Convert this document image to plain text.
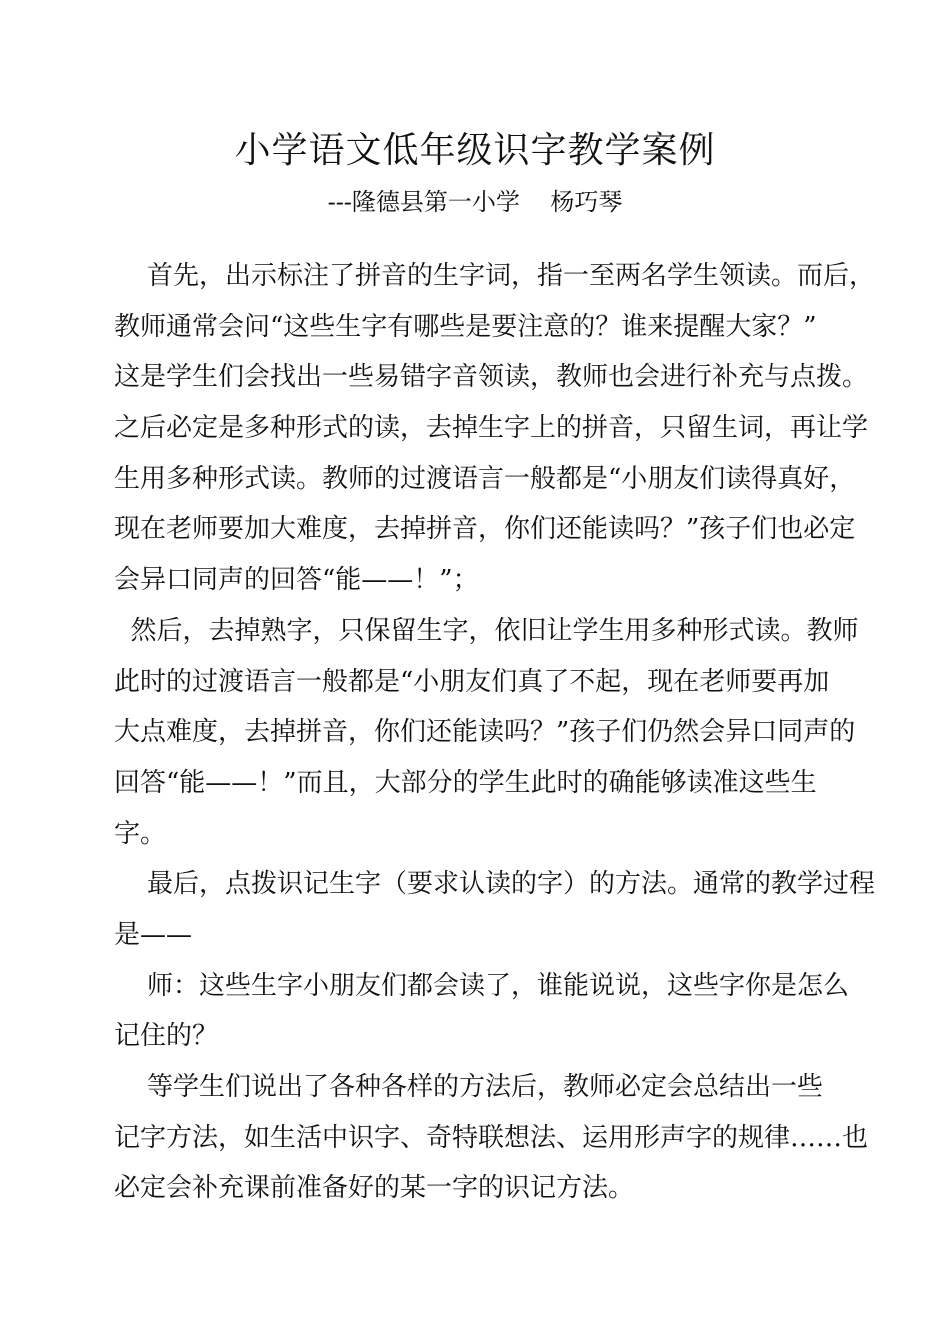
小学语文低年级识字教学案例
---隆德县第一小学    杨巧琴
首先，出示标注了拼音的生字词，指一至两名学生领读。而后，
教师通常会问“这些生字有哪些是要注意的？谁来提醒大家？”
这是学生们会找出一些易错字音领读，教师也会进行补充与点拨。
之后必定是多种形式的读，去掉生字上的拼音，只留生词，再让学
生用多种形式读。教师的过渡语言一般都是“小朋友们读得真好，
现在老师要加大难度，去掉拼音，你们还能读吗？”孩子们也必定
会异口同声的回答“能——！”；
然后，去掉熟字，只保留生字，依旧让学生用多种形式读。教师
此时的过渡语言一般都是“小朋友们真了不起，现在老师要再加
大点难度，去掉拼音，你们还能读吗？”孩子们仍然会异口同声的
回答“能——！”而且，大部分的学生此时的确能够读准这些生
字。
最后，点拨识记生字（要求认读的字）的方法。通常的教学过程
是——
师：这些生字小朋友们都会读了，谁能说说，这些字你是怎么
记住的？
等学生们说出了各种各样的方法后，教师必定会总结出一些
记字方法，如生活中识字、奇特联想法、运用形声字的规律……也
必定会补充课前准备好的某一字的识记方法。
